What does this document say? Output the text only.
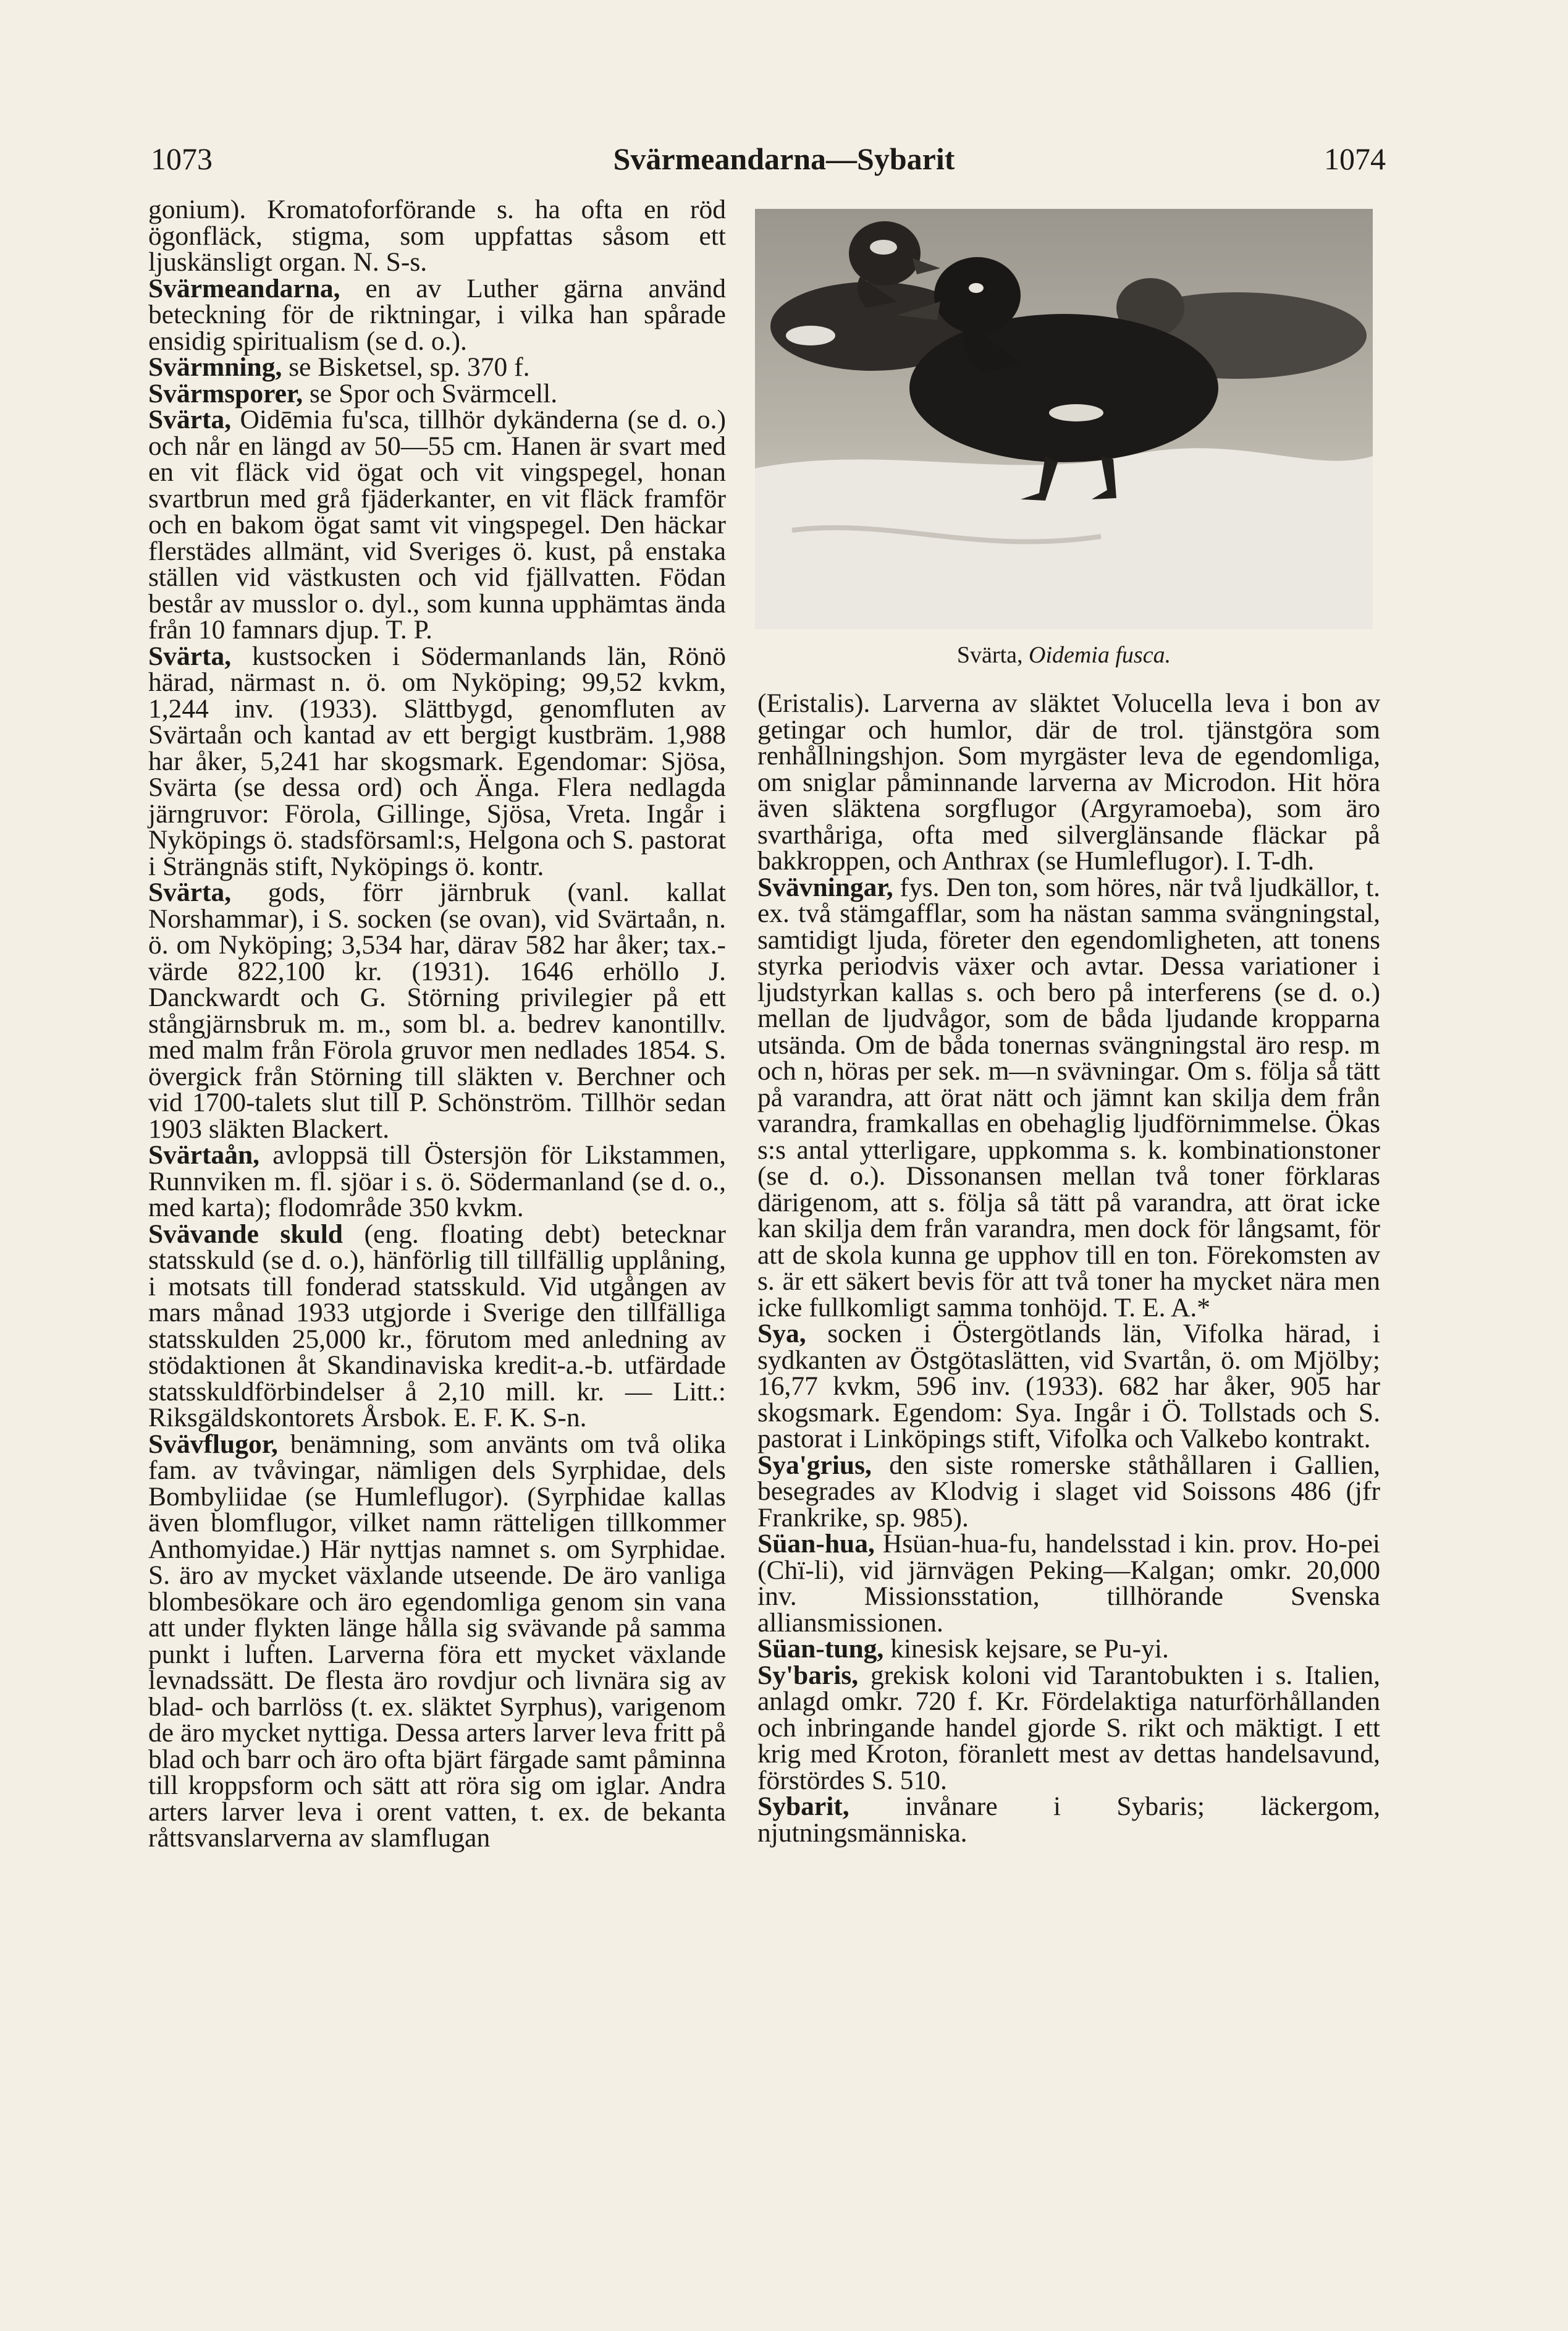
1073	Svärmeandarna—Sybarit	1074
Svärta, Oidemia fusca.

gonium). Kromatoforförande s. ha ofta en röd ögonfläck, stigma, som uppfattas såsom ett ljuskänsligt organ. N. S-s.

Svärmeandarna, en av Luther gärna använd beteckning för de riktningar, i vilka han spårade ensidig spiritualism (se d. o.).

Svärmning, se Bisketsel, sp. 370 f.

Svärmsporer, se Spor och Svärmcell.

Svärta, Oidēmia fu'sca, tillhör dykänderna (se d. o.) och når en längd av 50—55 cm. Hanen är svart med en vit fläck vid ögat och vit vingspegel, honan svartbrun med grå fjäderkanter, en vit fläck framför och en bakom ögat samt vit vingspegel. Den häckar flerstädes allmänt, vid Sveriges ö. kust, på enstaka ställen vid västkusten och vid fjällvatten. Födan består av musslor o. dyl., som kunna upphämtas ända från 10 famnars djup. T. P.

Svärta, kustsocken i Södermanlands län, Rönö härad, närmast n. ö. om Nyköping; 99,52 kvkm, 1,244 inv. (1933). Slättbygd, genomfluten av Svärtaån och kantad av ett bergigt kustbräm. 1,988 har åker, 5,241 har skogsmark. Egendomar: Sjösa, Svärta (se dessa ord) och Änga. Flera nedlagda järngruvor: Förola, Gillinge, Sjösa, Vreta. Ingår i Nyköpings ö. stadsförsaml:s, Helgona och S. pastorat i Strängnäs stift, Nyköpings ö. kontr.

Svärta, gods, förr järnbruk (vanl. kallat Norshammar), i S. socken (se ovan), vid Svärtaån, n. ö. om Nyköping; 3,534 har, därav 582 har åker; tax.-värde 822,100 kr. (1931). 1646 erhöllo J. Danckwardt och G. Störning privilegier på ett stångjärnsbruk m. m., som bl. a. bedrev kanontillv. med malm från Förola gruvor men nedlades 1854. S. övergick från Störning till släkten v. Berchner och vid 1700-talets slut till P. Schönström. Tillhör sedan 1903 släkten Blackert.

Svärtaån, avloppsä till Östersjön för Likstammen, Runnviken m. fl. sjöar i s. ö. Södermanland (se d. o., med karta); flodområde 350 kvkm.

Svävande skuld (eng. floating debt) betecknar statsskuld (se d. o.), hänförlig till tillfällig upplåning, i motsats till fonderad statsskuld. Vid utgången av mars månad 1933 utgjorde i Sverige den tillfälliga statsskulden 25,000 kr., förutom med anledning av stödaktionen åt Skandinaviska kredit-a.-b. utfärdade statsskuldförbindelser å 2,10 mill. kr. — Litt.: Riksgäldskontorets Årsbok. E. F. K. S-n.

Svävflugor, benämning, som använts om två olika fam. av tvåvingar, nämligen dels Syrphidae, dels Bombyliidae (se Humleflugor). (Syrphidae kallas även blomflugor, vilket namn rätteligen tillkommer Anthomyidae.) Här nyttjas namnet s. om Syrphidae. S. äro av mycket växlande utseende. De äro vanliga blombesökare och äro egendomliga genom sin vana att under flykten länge hålla sig svävande på samma punkt i luften. Larverna föra ett mycket växlande levnadssätt. De flesta äro rovdjur och livnära sig av blad- och barrlöss (t. ex. släktet Syrphus), varigenom de äro mycket nyttiga. Dessa arters larver leva fritt på blad och barr och äro ofta bjärt färgade samt påminna till kroppsform och sätt att röra sig om iglar. Andra arters larver leva i orent vatten, t. ex. de bekanta råttsvanslarverna av slamflugan

(Eristalis). Larverna av släktet Volucella leva i bon av getingar och humlor, där de trol. tjänstgöra som renhållningshjon. Som myrgäster leva de egendomliga, om sniglar påminnande larverna av Microdon. Hit höra även släktena sorgflugor (Argyramoeba), som äro svarthåriga, ofta med silverglänsande fläckar på bakkroppen, och Anthrax (se Humleflugor). I. T-dh.

Svävningar, fys. Den ton, som höres, när två ljudkällor, t. ex. två stämgafflar, som ha nästan samma svängningstal, samtidigt ljuda, företer den egendomligheten, att tonens styrka periodvis växer och avtar. Dessa variationer i ljudstyrkan kallas s. och bero på interferens (se d. o.) mellan de ljudvågor, som de båda ljudande kropparna utsända. Om de båda tonernas svängningstal äro resp. m och n, höras per sek. m—n svävningar. Om s. följa så tätt på varandra, att örat nätt och jämnt kan skilja dem från varandra, framkallas en obehaglig ljudförnimmelse. Ökas s:s antal ytterligare, uppkomma s. k. kombinationstoner (se d. o.). Dissonansen mellan två toner förklaras därigenom, att s. följa så tätt på varandra, att örat icke kan skilja dem från varandra, men dock för långsamt, för att de skola kunna ge upphov till en ton. Förekomsten av s. är ett säkert bevis för att två toner ha mycket nära men icke fullkomligt samma tonhöjd. T. E. A.*

Sya, socken i Östergötlands län, Vifolka härad, i sydkanten av Östgötaslätten, vid Svartån, ö. om Mjölby; 16,77 kvkm, 596 inv. (1933). 682 har åker, 905 har skogsmark. Egendom: Sya. Ingår i Ö. Tollstads och S. pastorat i Linköpings stift, Vifolka och Valkebo kontrakt.

Sya'grius, den siste romerske ståthållaren i Gallien, besegrades av Klodvig i slaget vid Soissons 486 (jfr Frankrike, sp. 985).

Süan-hua, Hsüan-hua-fu, handelsstad i kin. prov. Ho-pei (Chï-li), vid järnvägen Peking—Kalgan; omkr. 20,000 inv. Missionsstation, tillhörande Svenska alliansmissionen.

Süan-tung, kinesisk kejsare, se Pu-yi.

Sy'baris, grekisk koloni vid Tarantobukten i s. Italien, anlagd omkr. 720 f. Kr. Fördelaktiga naturförhållanden och inbringande handel gjorde S. rikt och mäktigt. I ett krig med Kroton, föranlett mest av dettas handelsavund, förstördes S. 510.

Sybarit, invånare i Sybaris; läckergom, njutningsmänniska.
